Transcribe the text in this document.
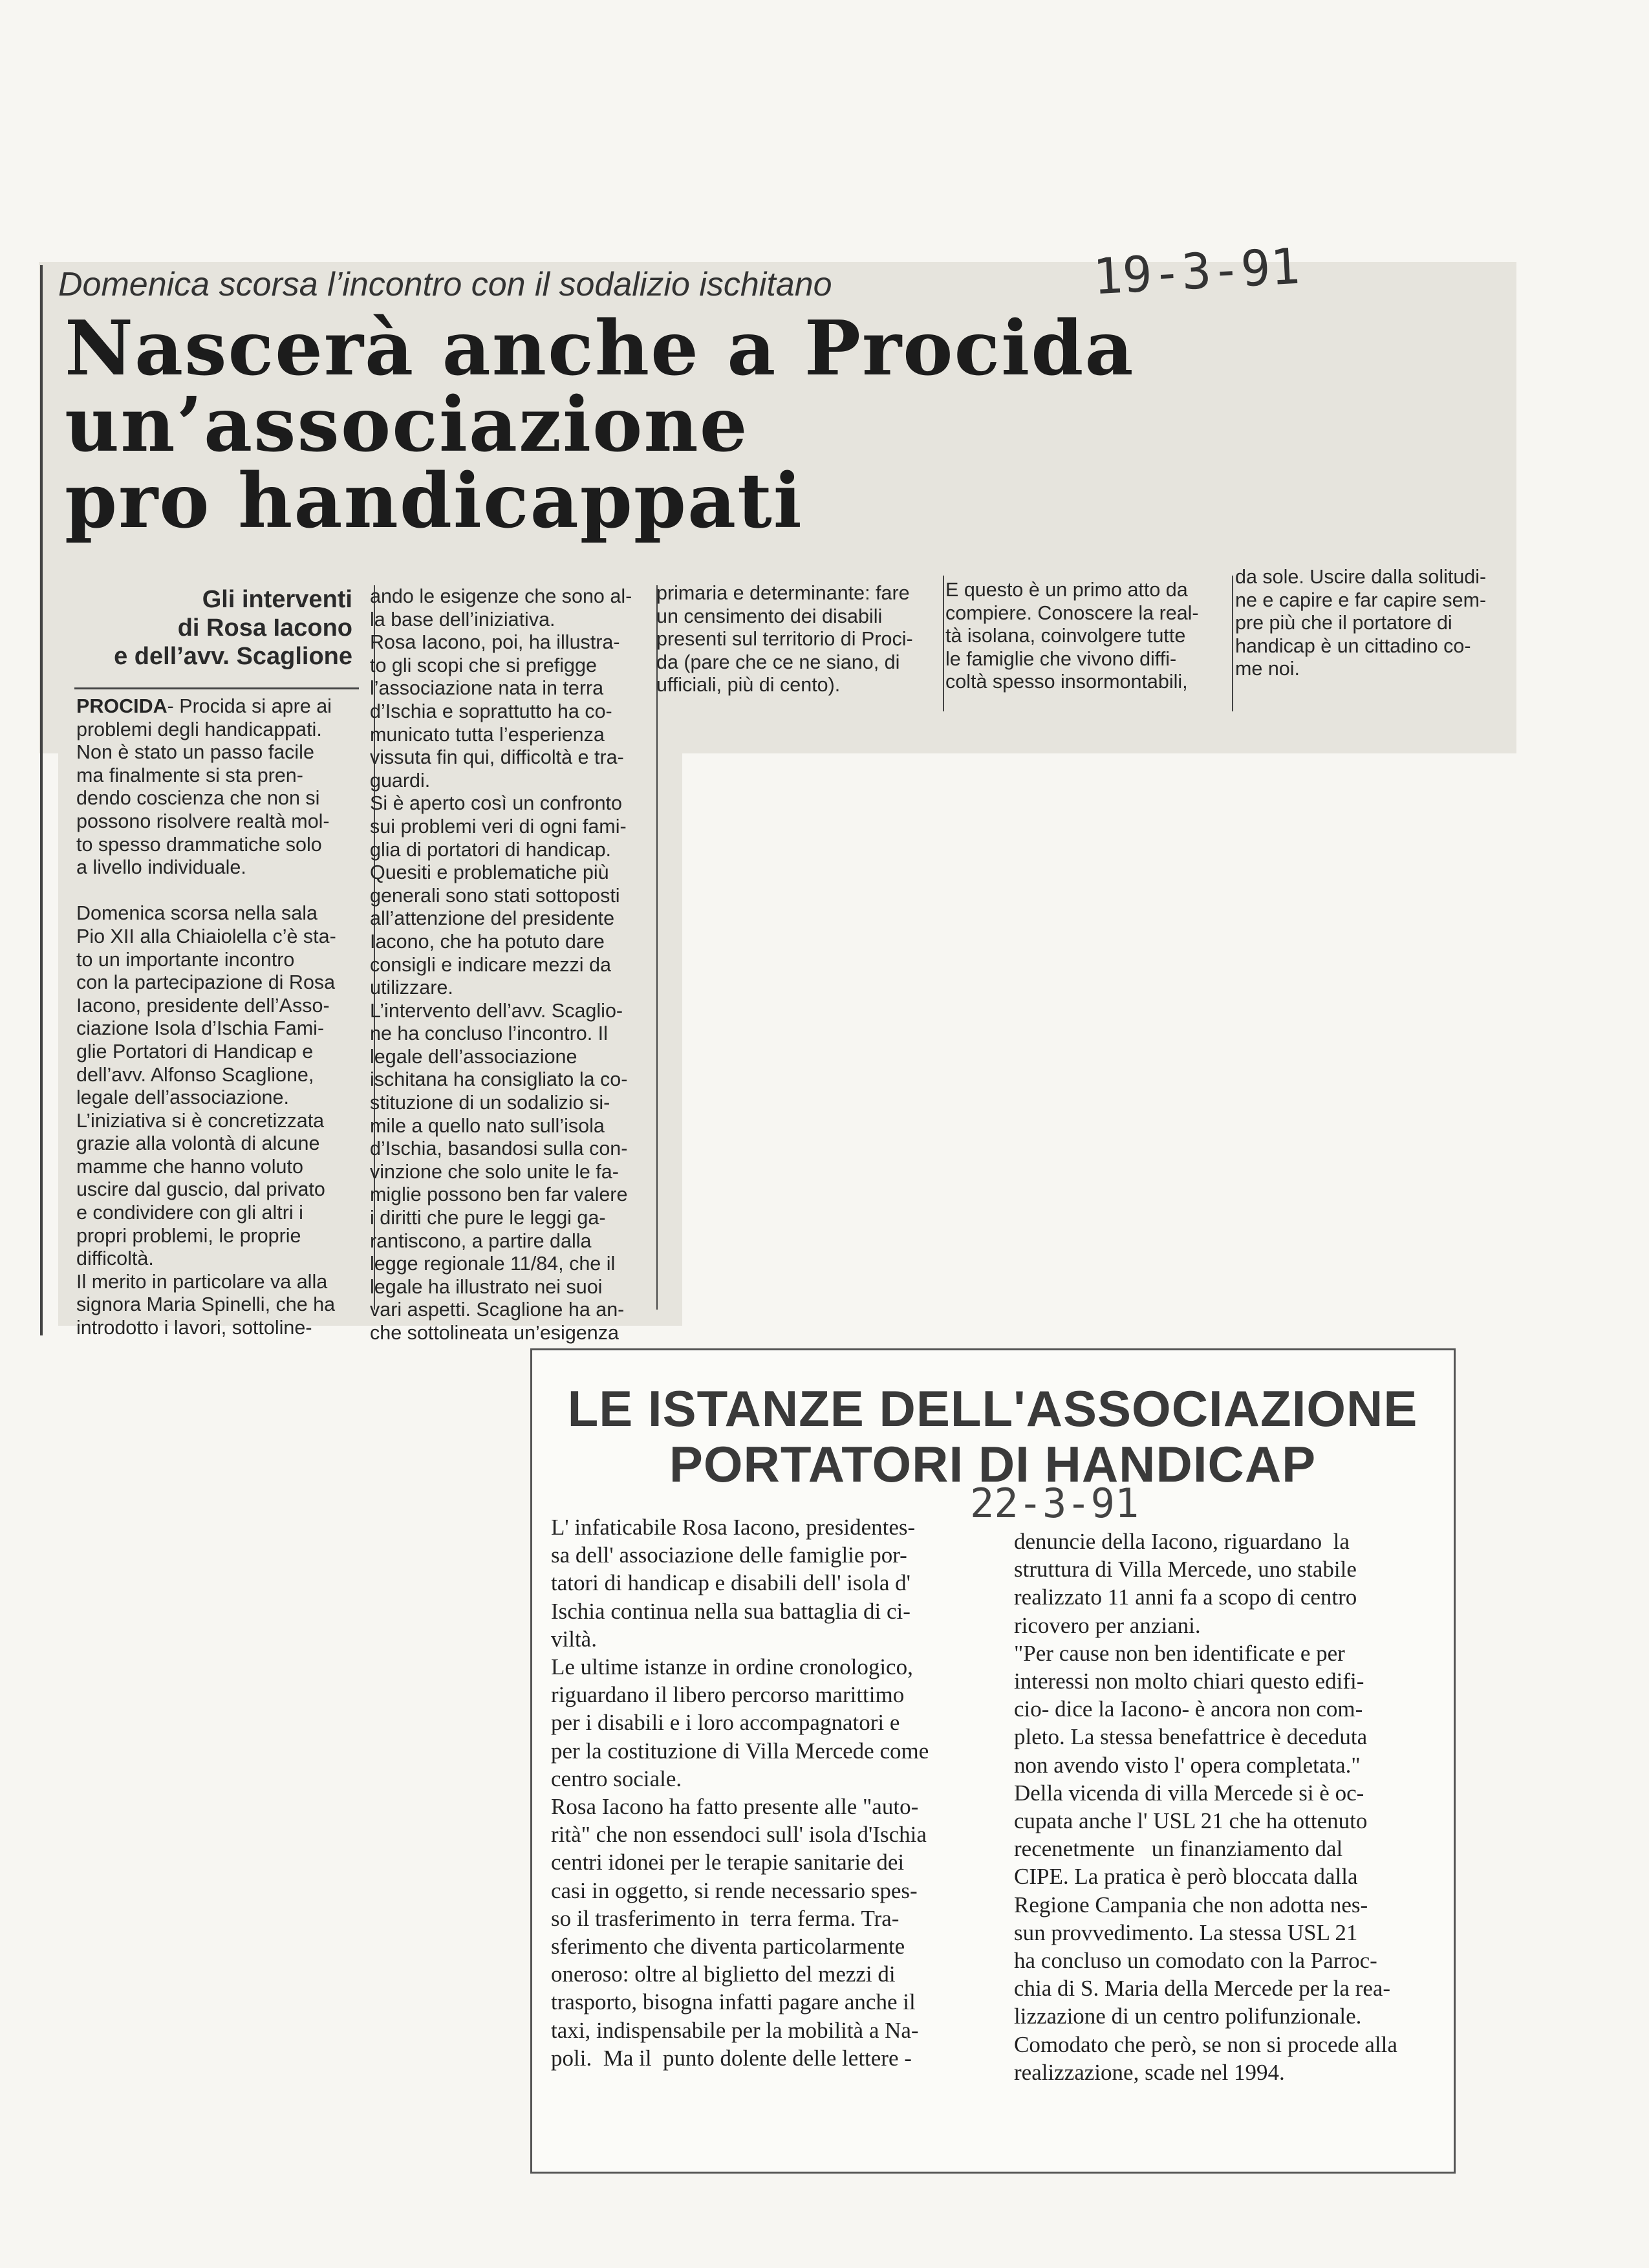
Domenica scorsa l’incontro con il sodalizio ischitano	19-3-91
Nascerà anche a Procida
un’associazione
pro handicappati
Gli interventi
di Rosa Iacono
e dell’avv. Scaglione
PROCIDA- Procida si apre ai
problemi degli handicappati.
Non è stato un passo facile
ma finalmente si sta pren-
dendo coscienza che non si
possono risolvere realtà mol-
to spesso drammatiche solo
a livello individuale.

Domenica scorsa nella sala
Pio XII alla Chiaiolella c’è sta-
to un importante incontro
con la partecipazione di Rosa
Iacono, presidente dell’Asso-
ciazione Isola d’Ischia Fami-
glie Portatori di Handicap e
dell’avv. Alfonso Scaglione,
legale dell’associazione.
L’iniziativa si è concretizzata
grazie alla volontà di alcune
mamme che hanno voluto
uscire dal guscio, dal privato
e condividere con gli altri i
propri problemi, le proprie
difficoltà.
Il merito in particolare va alla
signora Maria Spinelli, che ha
introdotto i lavori, sottoline-
ando le esigenze che sono al-
la base dell’iniziativa.
Rosa Iacono, poi, ha illustra-
to gli scopi che si prefigge
l’associazione nata in terra
d’Ischia e soprattutto ha co-
municato tutta l’esperienza
vissuta fin qui, difficoltà e tra-
guardi.
Si è aperto così un confronto
sui problemi veri di ogni fami-
glia di portatori di handicap.
Quesiti e problematiche più
generali sono stati sottoposti
all’attenzione del presidente
Iacono, che ha potuto dare
consigli e indicare mezzi da
utilizzare.
L’intervento dell’avv. Scaglio-
ne ha concluso l’incontro. Il
legale dell’associazione
ischitana ha consigliato la co-
stituzione di un sodalizio si-
mile a quello nato sull’isola
d’Ischia, basandosi sulla con-
vinzione che solo unite le fa-
miglie possono ben far valere
i diritti che pure le leggi ga-
rantiscono, a partire dalla
legge regionale 11/84, che il
legale ha illustrato nei suoi
vari aspetti. Scaglione ha an-
che sottolineata un’esigenza
primaria e determinante: fare
un censimento dei disabili
presenti sul territorio di Proci-
da (pare che ce ne siano, di
ufficiali, più di cento).
E questo è un primo atto da
compiere. Conoscere la real-
tà isolana, coinvolgere tutte
le famiglie che vivono diffi-
coltà spesso insormontabili,
da sole. Uscire dalla solitudi-
ne e capire e far capire sem-
pre più che il portatore di
handicap è un cittadino co-
me noi.
LE ISTANZE DELL'ASSOCIAZIONE
PORTATORI DI HANDICAP
22-3-91
L' infaticabile Rosa Iacono, presidentes-
sa dell' associazione delle famiglie por-
tatori di handicap e disabili dell' isola d'
Ischia continua nella sua battaglia di ci-
viltà.
Le ultime istanze in ordine cronologico,
riguardano il libero percorso marittimo
per i disabili e i loro accompagnatori e
per la costituzione di Villa Mercede come
centro sociale.
Rosa Iacono ha fatto presente alle "auto-
rità" che non essendoci sull' isola d'Ischia
centri idonei per le terapie sanitarie dei
casi in oggetto, si rende necessario spes-
so il trasferimento in  terra ferma. Tra-
sferimento che diventa particolarmente
oneroso: oltre al biglietto del mezzi di
trasporto, bisogna infatti pagare anche il
taxi, indispensabile per la mobilità a Na-
poli.  Ma il  punto dolente delle lettere -
denuncie della Iacono, riguardano  la
struttura di Villa Mercede, uno stabile
realizzato 11 anni fa a scopo di centro
ricovero per anziani.
"Per cause non ben identificate e per
interessi non molto chiari questo edifi-
cio- dice la Iacono- è ancora non com-
pleto. La stessa benefattrice è deceduta
non avendo visto l' opera completata."
Della vicenda di villa Mercede si è oc-
cupata anche l' USL 21 che ha ottenuto
recenetmente   un finanziamento dal
CIPE. La pratica è però bloccata dalla
Regione Campania che non adotta nes-
sun provvedimento. La stessa USL 21
ha concluso un comodato con la Parroc-
chia di S. Maria della Mercede per la rea-
lizzazione di un centro polifunzionale.
Comodato che però, se non si procede alla
realizzazione, scade nel 1994.
